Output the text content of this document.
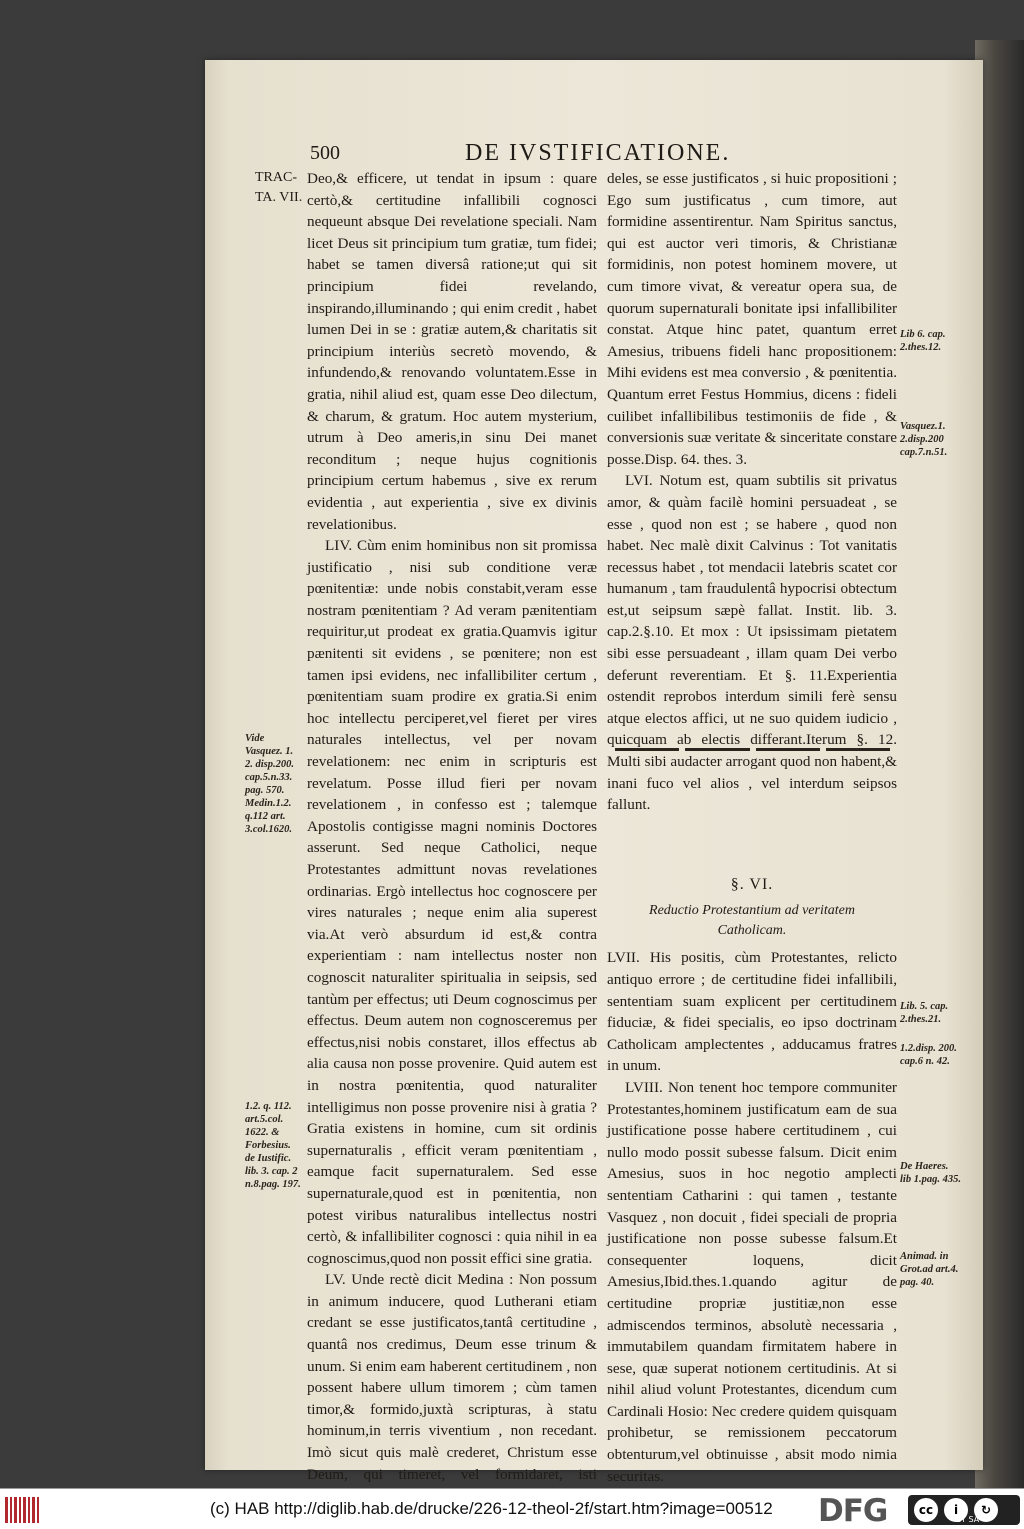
500	DE IVSTIFICATIONE.
TRAC-
TA. VII.

Deo,& efficere, ut tendat in ipsum : quare certò,& certitudine infallibili cognosci nequeunt absque Dei revelatione speciali. Nam licet Deus sit principium tum gratiæ, tum fidei; habet se tamen diversâ ratione;ut qui sit principium fidei revelando, inspirando,illuminando ; qui enim credit , habet lumen Dei in se : gratiæ autem,& charitatis sit principium interiùs secretò movendo, & infundendo,& renovando voluntatem.Esse in gratia, nihil aliud est, quam esse Deo dilectum, & charum, & gratum. Hoc autem mysterium, utrum à Deo ameris,in sinu Dei manet reconditum ; neque hujus cognitionis principium certum habemus , sive ex rerum evidentia , aut experientia , sive ex divinis revelationibus.

LIV. Cùm enim hominibus non sit promissa justificatio , nisi sub conditione veræ pœnitentiæ: unde nobis constabit,veram esse nostram pœnitentiam ? Ad veram pænitentiam requiritur,ut prodeat ex gratia.Quamvis igitur pænitenti sit evidens , se pœnitere; non est tamen ipsi evidens, nec infallibiliter certum , pœnitentiam suam prodire ex gratia.Si enim hoc intellectu perciperet,vel fieret per vires naturales intellectus, vel per novam revelationem: nec enim in scripturis est revelatum. Posse illud fieri per novam revelationem , in confesso est ; talemque Apostolis contigisse magni nominis Doctores asserunt. Sed neque Catholici, neque Protestantes admittunt novas revelationes ordinarias. Ergò intellectus hoc cognoscere per vires naturales ; neque enim alia superest via.At verò absurdum id est,& contra experientiam : nam intellectus noster non cognoscit naturaliter spiritualia in seipsis, sed tantùm per effectus; uti Deum cognoscimus per effectus. Deum autem non cognosceremus per effectus,nisi nobis constaret, illos effectus ab alia causa non posse provenire. Quid autem est in nostra pœnitentia, quod naturaliter intelligimus non posse provenire nisi à gratia ? Gratia existens in homine, cum sit ordinis supernaturalis , efficit veram pœnitentiam , eamque facit supernaturalem. Sed esse supernaturale,quod est in pœnitentia, non potest viribus naturalibus intellectus nostri certò, & infallibiliter cognosci : quia nihil in ea cognoscimus,quod non possit effici sine gratia.

LV. Unde rectè dicit Medina : Non possum in animum inducere, quod Lutherani etiam credant se esse justificatos,tantâ certitudine , quantâ nos credimus, Deum esse trinum & unum. Si enim eam haberent certitudinem , non possent habere ullum timorem ; cùm tamen timor,& formido,juxtà scripturas, à statu hominum,in terris viventium , non recedant. Imò sicut quis malè crederet, Christum esse Deum, qui timeret, vel formidaret, isti

deles, se esse justificatos , si huic propositioni ; Ego sum justificatus , cum timore, aut formidine assentirentur. Nam Spiritus sanctus, qui est auctor veri timoris, & Christianæ formidinis, non potest hominem movere, ut cum timore vivat, & vereatur opera sua, de quorum supernaturali bonitate ipsi infallibiliter constat. Atque hinc patet, quantum erret Amesius, tribuens fideli hanc propositionem: Mihi evidens est mea conversio , & pœnitentia. Quantum erret Festus Hommius, dicens : fideli cuilibet infallibilibus testimoniis de fide , & conversionis suæ veritate & sinceritate constare posse.Disp. 64. thes. 3.

LVI. Notum est, quam subtilis sit privatus amor, & quàm facilè homini persuadeat , se esse , quod non est ; se habere , quod non habet. Nec malè dixit Calvinus : Tot vanitatis recessus habet , tot mendacii latebris scatet cor humanum , tam fraudulentâ hypocrisi obtectum est,ut seipsum sæpè fallat. Instit. lib. 3. cap.2.§.10. Et mox : Ut ipsissimam pietatem sibi esse persuadeant , illam quam Dei verbo deferunt reverentiam. Et §. 11.Experientia ostendit reprobos interdum simili ferè sensu atque electos affici, ut ne suo quidem iudicio , quicquam ab electis differant.Iterum §. 12. Multi sibi audacter arrogant quod non habent,& inani fuco vel alios , vel interdum seipsos fallunt.

§. VI.
Reductio Protestantium ad veritatem Catholicam.

LVII. His positis, cùm Protestantes, relicto antiquo errore ; de certitudine fidei infallibili, sententiam suam explicent per certitudinem fiduciæ, & fidei specialis, eo ipso doctrinam Catholicam amplectentes , adducamus fratres in unum.

LVIII. Non tenent hoc tempore communiter Protestantes,hominem justificatum eam de sua justificatione posse habere certitudinem , cui nullo modo possit subesse falsum. Dicit enim Amesius, suos in hoc negotio amplecti sententiam Catharini : qui tamen , testante Vasquez , non docuit , fidei speciali de propria justificatione non posse subesse falsum.Et consequenter loquens, dicit Amesius,Ibid.thes.1.quando agitur de certitudine propriæ justitiæ,non esse admiscendos terminos, absolutè necessaria , immutabilem quandam firmitatem habere in sese, quæ superat notionem certitudinis. At si nihil aliud volunt Protestantes, dicendum cum Cardinali Hosio: Nec credere quidem quisquam prohibetur, se remissionem peccatorum obtenturum,vel obtinuisse , absit modo nimia securitas.

Vide Vasquez. 1. 2. disp.200. cap.5.n.33. pag. 570. Medin.1.2. q.112 art. 3.col.1620.
1.2. q. 112. art.5.col. 1622. & Forbesius. de Iustific. lib. 3. cap. 2 n.8.pag. 197.
Lib 6. cap. 2.thes.12.
Vasquez.1. 2.disp.200 cap.7.n.51.
Lib. 5. cap. 2.thes.21.
1.2.disp. 200. cap.6 n. 42.
De Haeres. lib 1.pag. 435.
Animad. in Grot.ad art.4. pag. 40.
(c) HAB http://diglib.hab.de/drucke/226-12-theol-2f/start.htm?image=00512 DFG	cc	i	↻
BY SA
